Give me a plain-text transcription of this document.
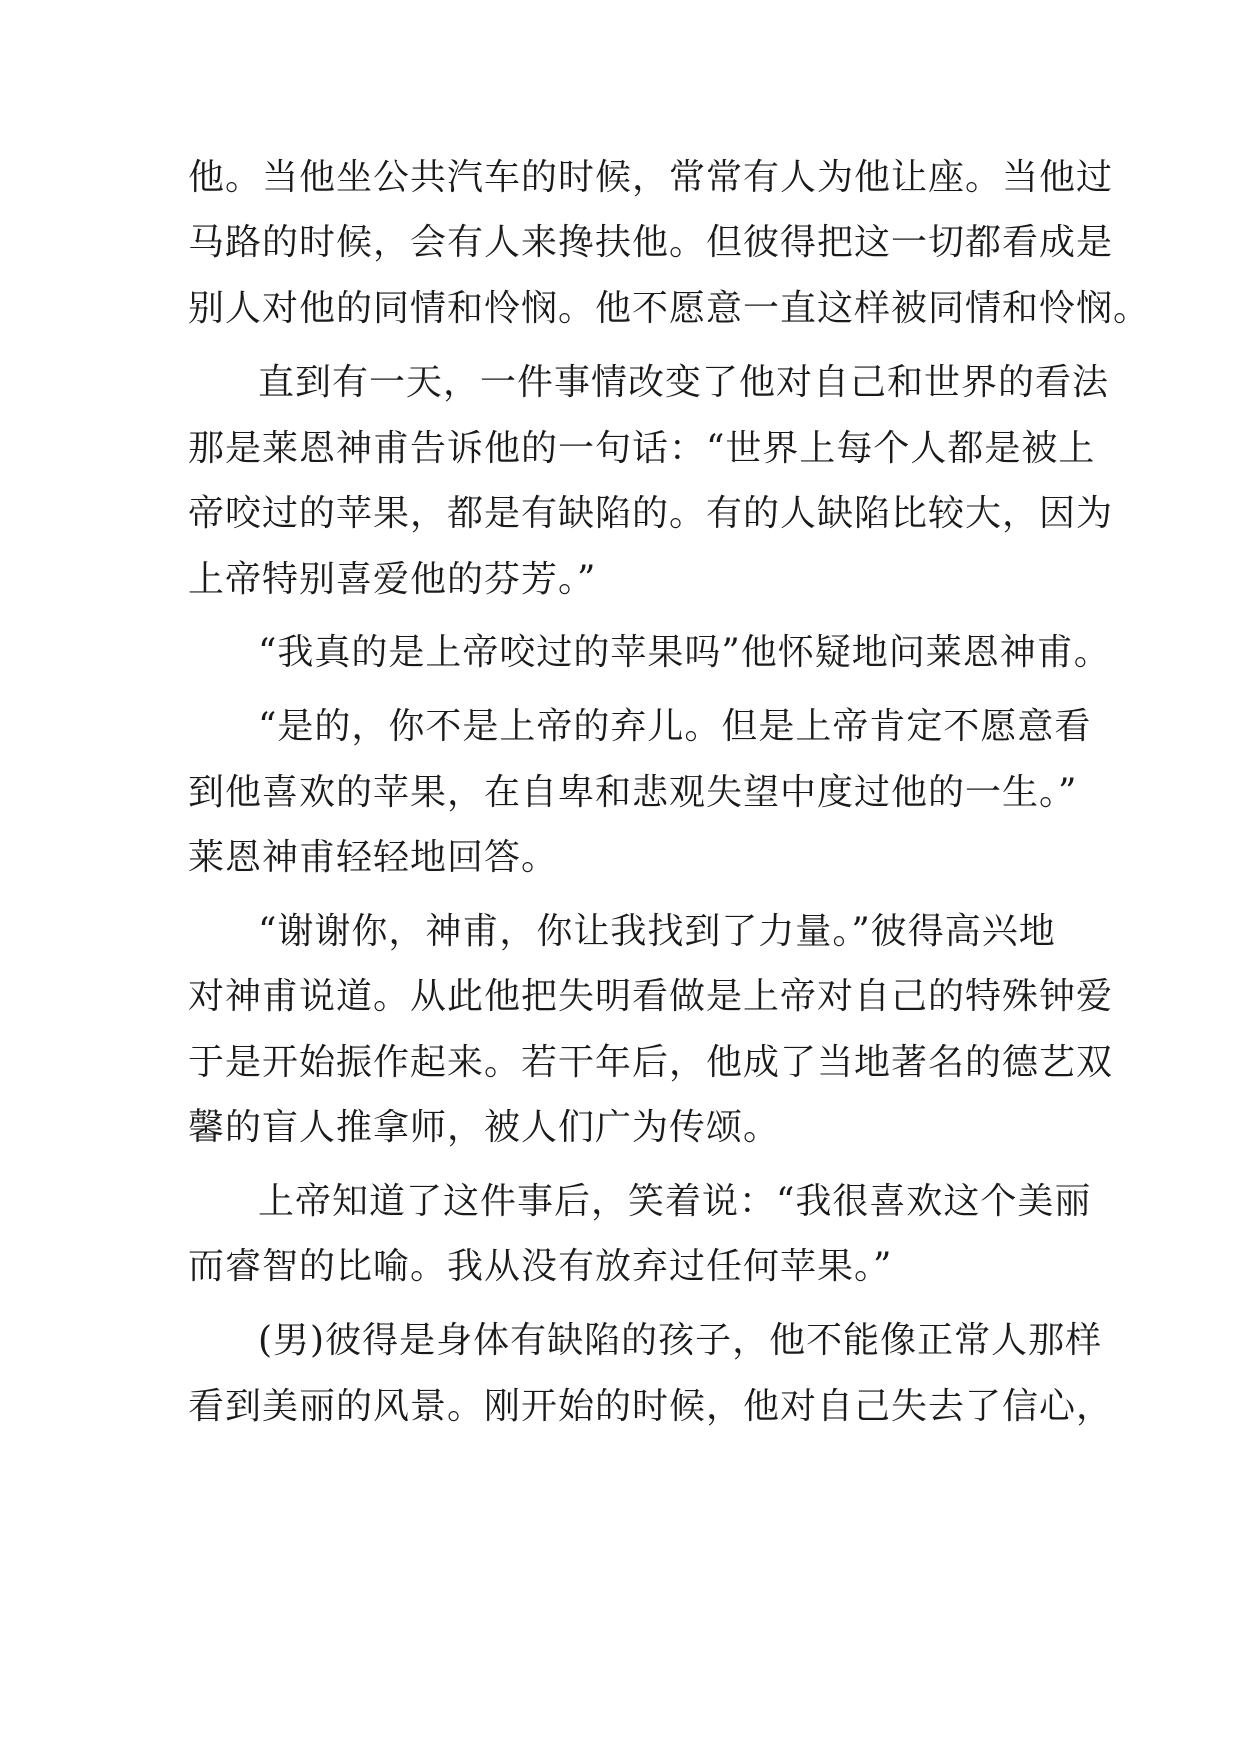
他。当他坐公共汽车的时候，常常有人为他让座。当他过

马路的时候，会有人来搀扶他。但彼得把这一切都看成是

别人对他的同情和怜悯。他不愿意一直这样被同情和怜悯。

直到有一天，一件事情改变了他对自己和世界的看法

那是莱恩神甫告诉他的一句话：“世界上每个人都是被上

帝咬过的苹果，都是有缺陷的。有的人缺陷比较大，因为

上帝特别喜爱他的芬芳。”

“我真的是上帝咬过的苹果吗”他怀疑地问莱恩神甫。

“是的，你不是上帝的弃儿。但是上帝肯定不愿意看

到他喜欢的苹果，在自卑和悲观失望中度过他的一生。”

莱恩神甫轻轻地回答。

“谢谢你，神甫，你让我找到了力量。”彼得高兴地

对神甫说道。从此他把失明看做是上帝对自己的特殊钟爱

于是开始振作起来。若干年后，他成了当地著名的德艺双

馨的盲人推拿师，被人们广为传颂。

上帝知道了这件事后，笑着说：“我很喜欢这个美丽

而睿智的比喻。我从没有放弃过任何苹果。”

(男)彼得是身体有缺陷的孩子，他不能像正常人那样

看到美丽的风景。刚开始的时候，他对自己失去了信心，
